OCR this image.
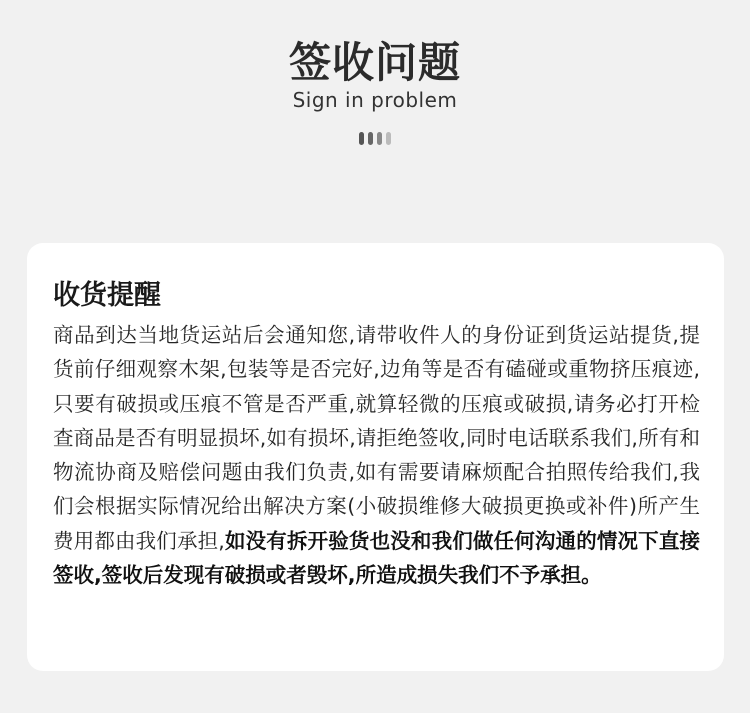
签收问题
Sign in problem
收货提醒
商品到达当地货运站后会通知您,请带收件人的身份证到货运站提货,提货前仔细观察木架,包装等是否完好,边角等是否有磕碰或重物挤压痕迹,只要有破损或压痕不管是否严重,就算轻微的压痕或破损,请务必打开检查商品是否有明显损坏,如有损坏,请拒绝签收,同时电话联系我们,所有和物流协商及赔偿问题由我们负责,如有需要请麻烦配合拍照传给我们,我们会根据实际情况给出解决方案(小破损维修大破损更换或补件)所产生费用都由我们承担,如没有拆开验货也没和我们做任何沟通的情况下直接签收,签收后发现有破损或者毁坏,所造成损失我们不予承担。
